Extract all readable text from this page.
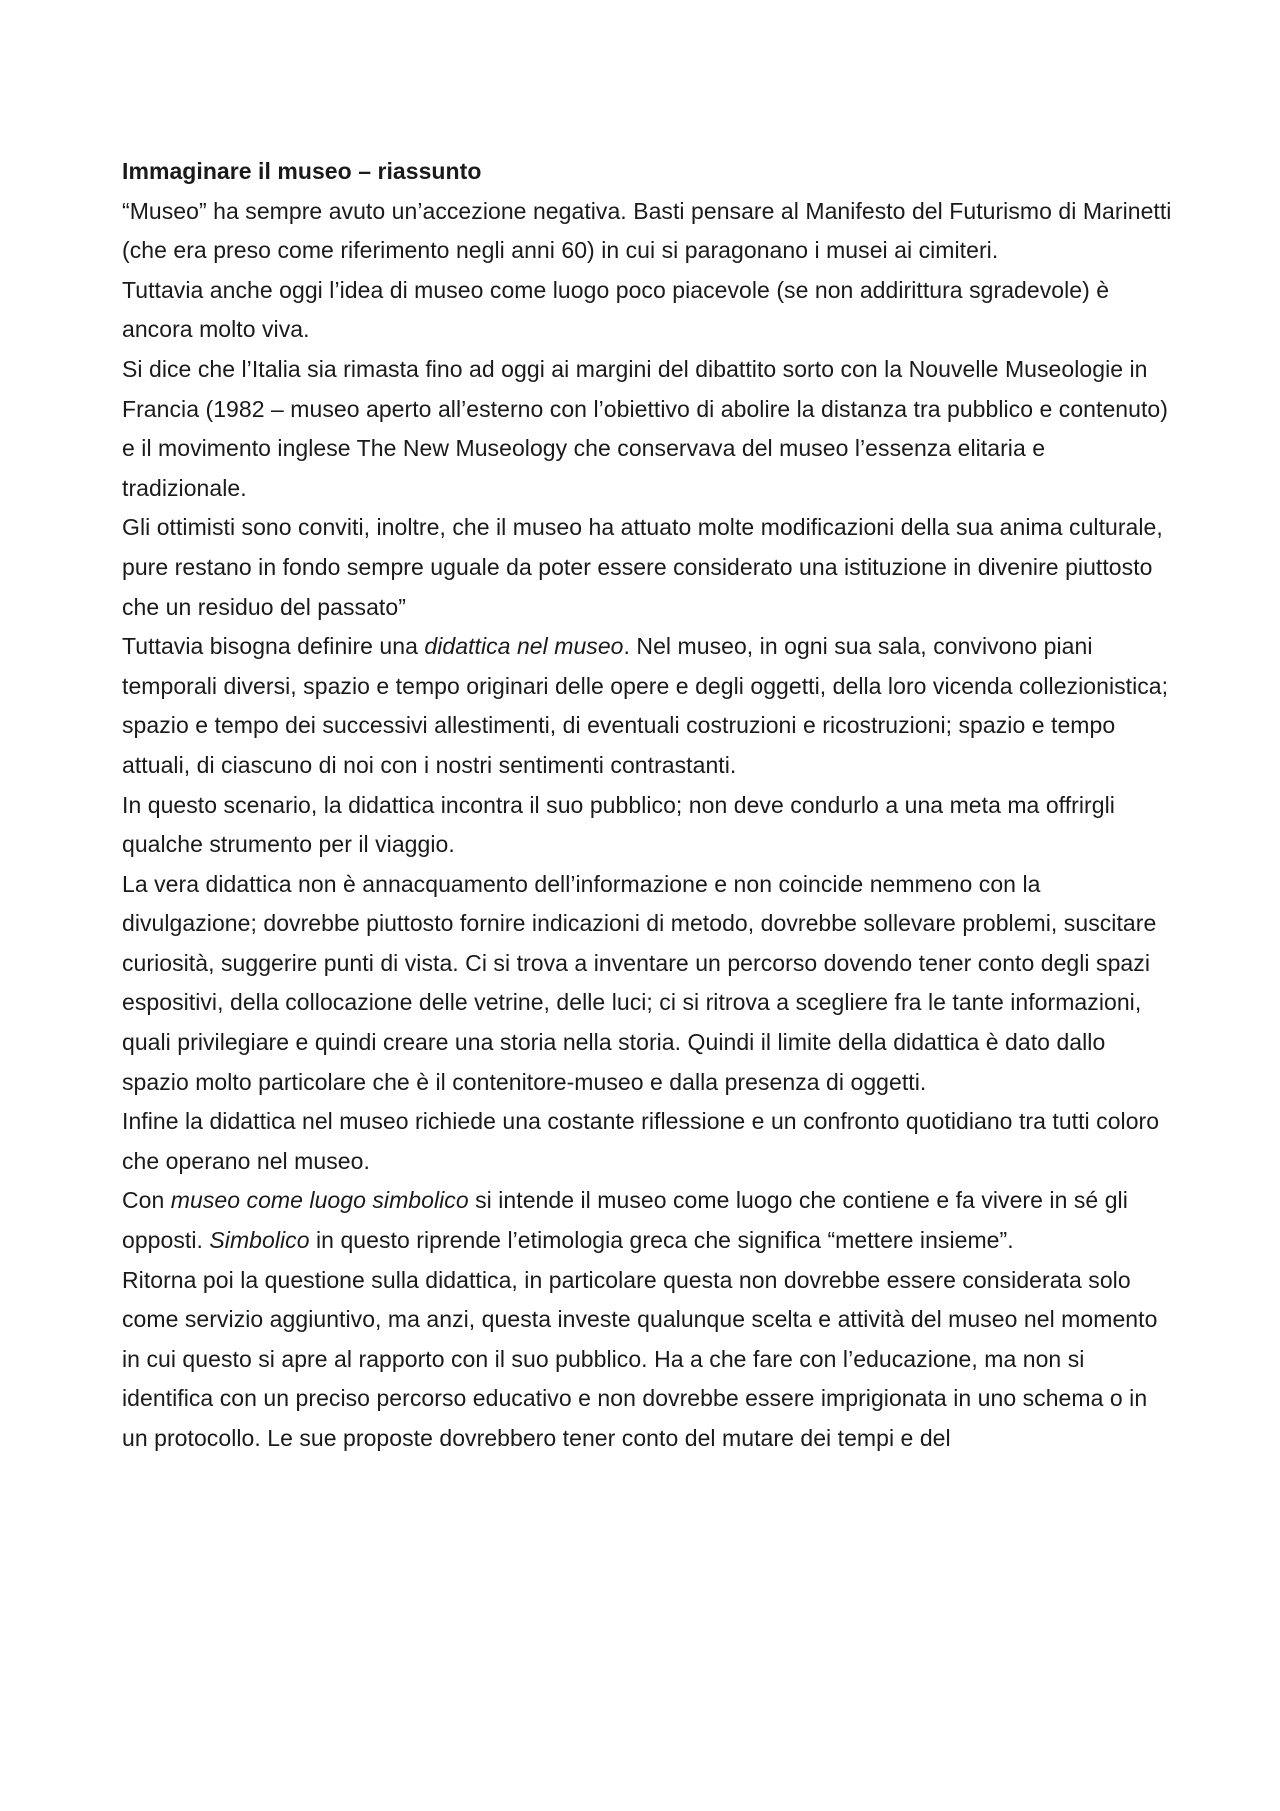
Immaginare il museo – riassunto

“Museo” ha sempre avuto un’accezione negativa. Basti pensare al Manifesto del Futurismo di Marinetti (che era preso come riferimento negli anni 60) in cui si paragonano i musei ai cimiteri.

Tuttavia anche oggi l’idea di museo come luogo poco piacevole (se non addirittura sgradevole) è ancora molto viva.

Si dice che l’Italia sia rimasta fino ad oggi ai margini del dibattito sorto con la Nouvelle Museologie in Francia (1982 – museo aperto all’esterno con l’obiettivo di abolire la distanza tra pubblico e contenuto) e il movimento inglese The New Museology che conservava del museo l’essenza elitaria e tradizionale.

Gli ottimisti sono conviti, inoltre, che il museo ha attuato molte modificazioni della sua anima culturale, pure restano in fondo sempre uguale da poter essere considerato una istituzione in divenire piuttosto che un residuo del passato”

Tuttavia bisogna definire una didattica nel museo. Nel museo, in ogni sua sala, convivono piani temporali diversi, spazio e tempo originari delle opere e degli oggetti, della loro vicenda collezionistica; spazio e tempo dei successivi allestimenti, di eventuali costruzioni e ricostruzioni; spazio e tempo attuali, di ciascuno di noi con i nostri sentimenti contrastanti.

In questo scenario, la didattica incontra il suo pubblico; non deve condurlo a una meta ma offrirgli qualche strumento per il viaggio.

La vera didattica non è annacquamento dell’informazione e non coincide nemmeno con la divulgazione; dovrebbe piuttosto fornire indicazioni di metodo, dovrebbe sollevare problemi, suscitare curiosità, suggerire punti di vista. Ci si trova a inventare un percorso dovendo tener conto degli spazi espositivi, della collocazione delle vetrine, delle luci; ci si ritrova a scegliere fra le tante informazioni, quali privilegiare e quindi creare una storia nella storia. Quindi il limite della didattica è dato dallo spazio molto particolare che è il contenitore-museo e dalla presenza di oggetti.

Infine la didattica nel museo richiede una costante riflessione e un confronto quotidiano tra tutti coloro che operano nel museo.

Con museo come luogo simbolico si intende il museo come luogo che contiene e fa vivere in sé gli opposti. Simbolico in questo riprende l’etimologia greca che significa “mettere insieme”.

Ritorna poi la questione sulla didattica, in particolare questa non dovrebbe essere considerata solo come servizio aggiuntivo, ma anzi, questa investe qualunque scelta e attività del museo nel momento in cui questo si apre al rapporto con il suo pubblico. Ha a che fare con l’educazione, ma non si identifica con un preciso percorso educativo e non dovrebbe essere imprigionata in uno schema o in un protocollo. Le sue proposte dovrebbero tener conto del mutare dei tempi e del
